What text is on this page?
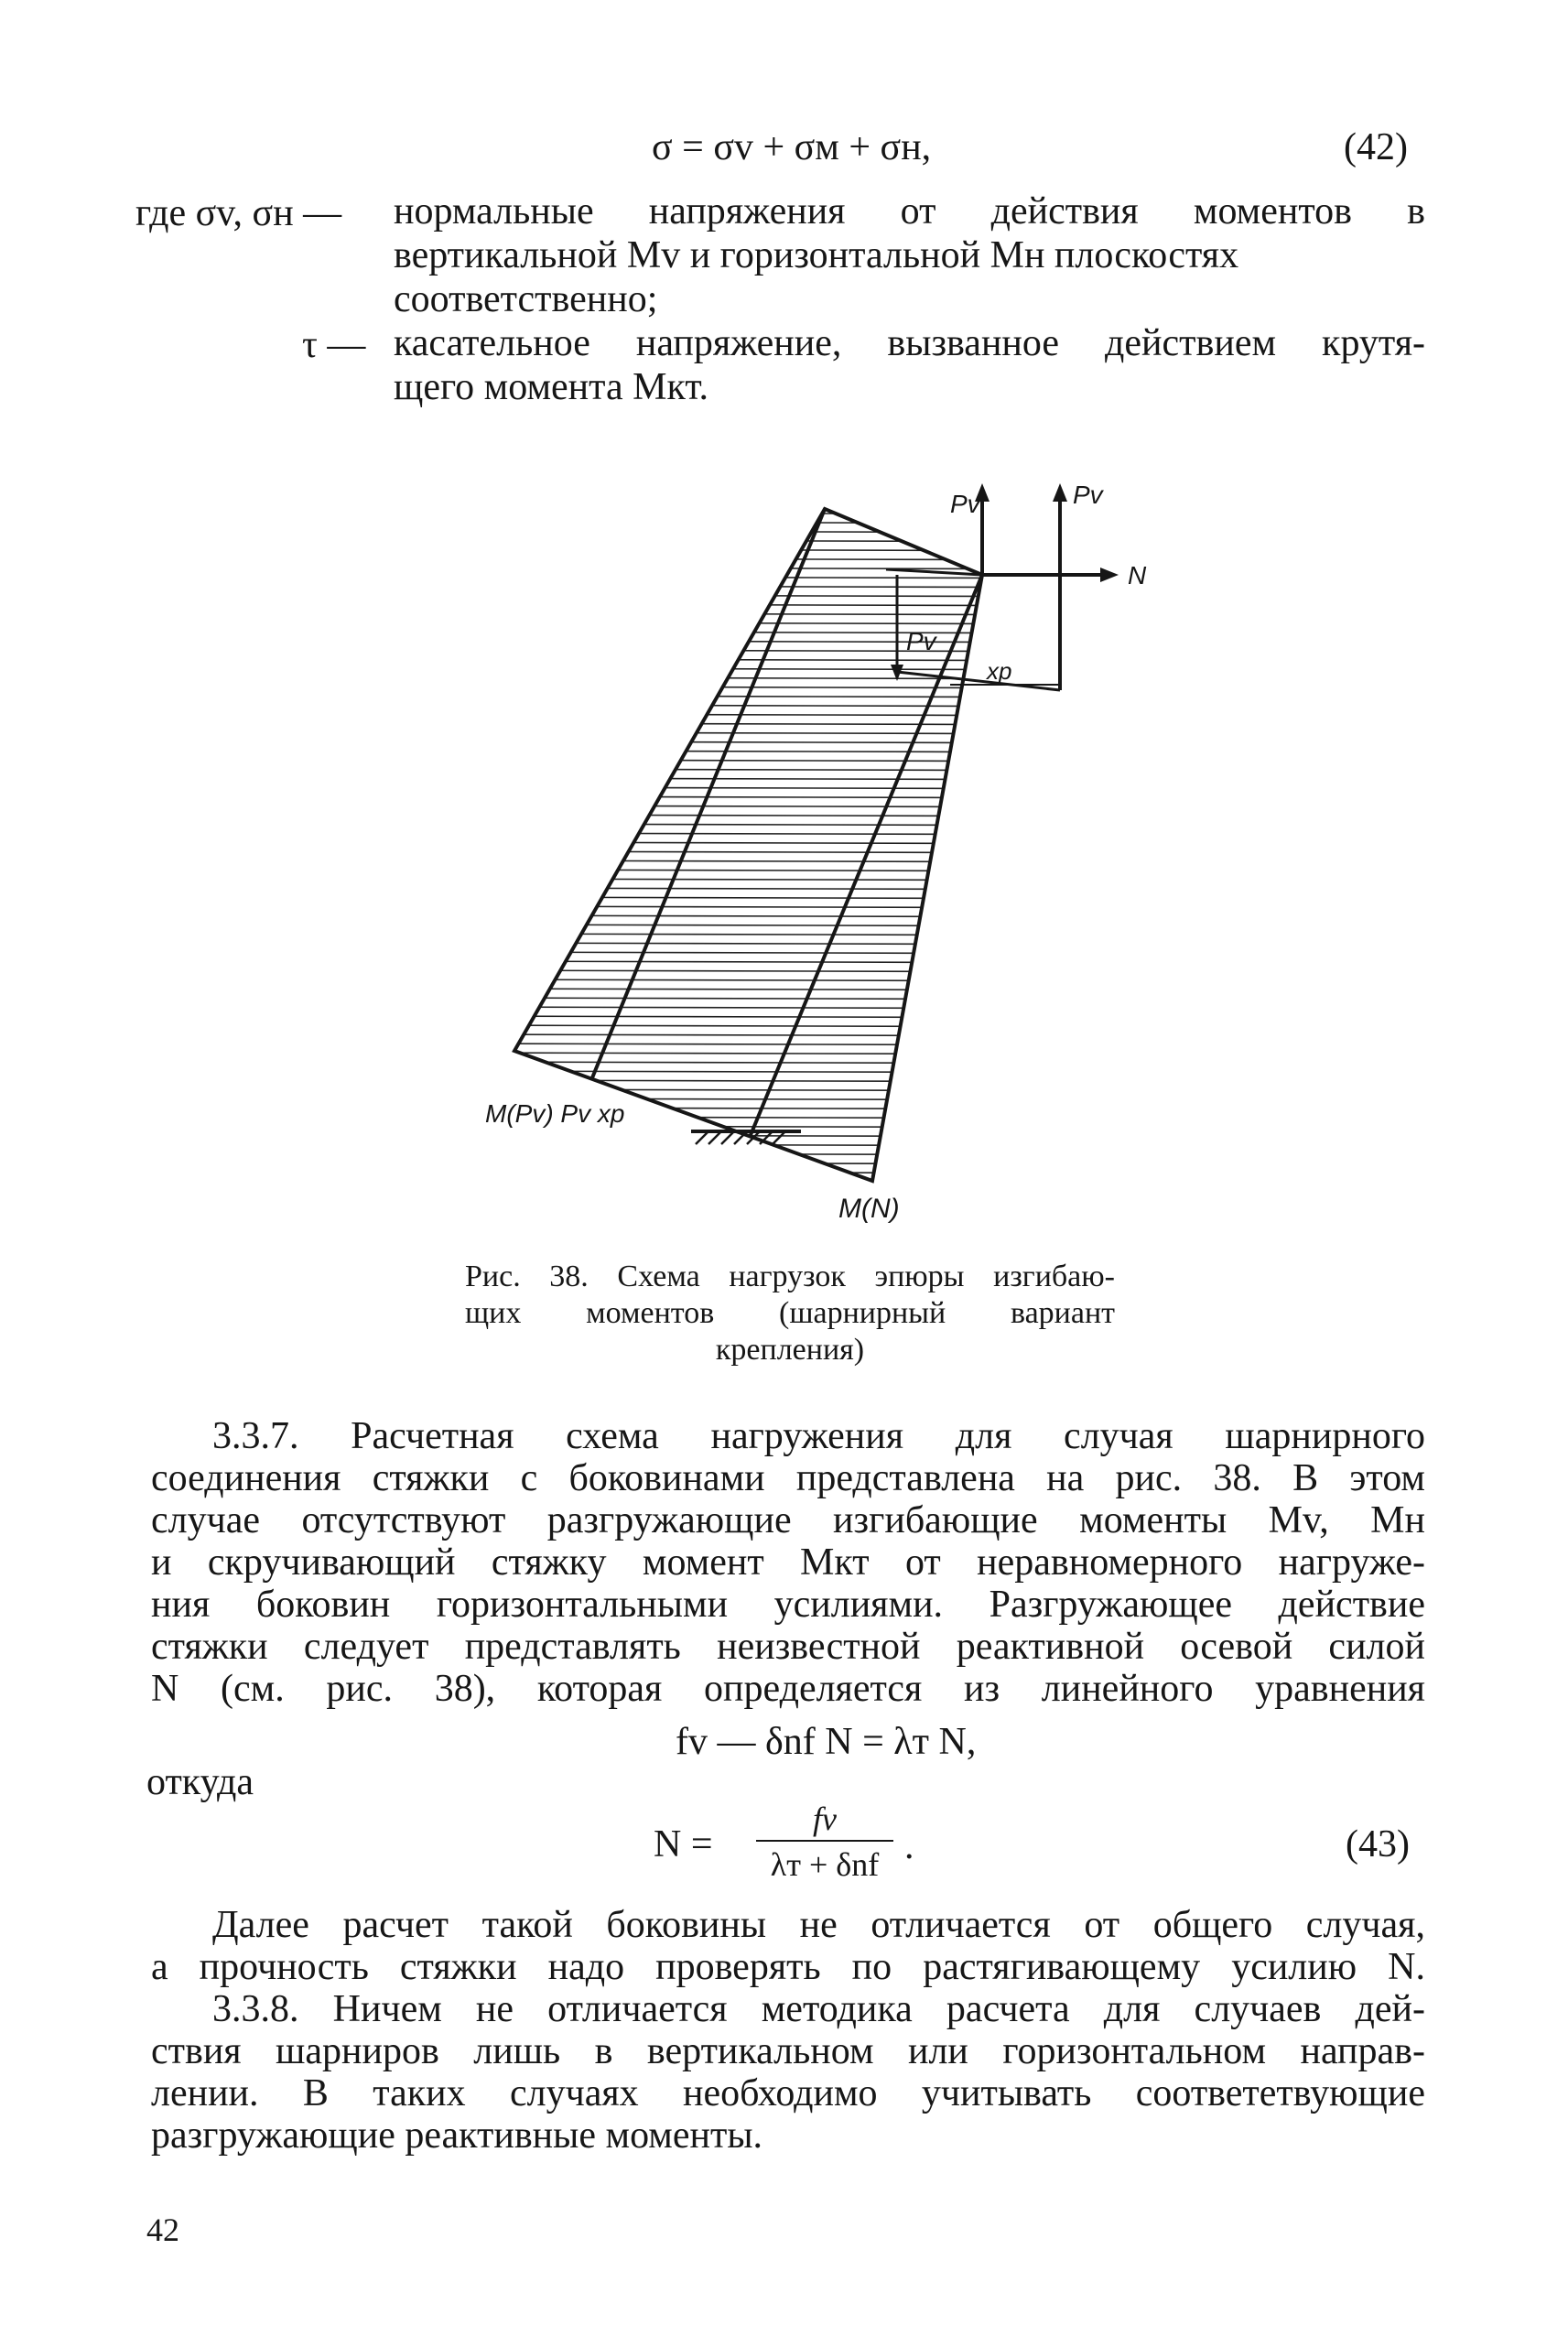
σ = σv + σм + σн,	(42)
где σv, σн — нормальные напряжения от действия моментов в
вертикальной Mv и горизонтальной Mн плоскостях
соответственно;
τ — касательное напряжение, вызванное действием крутя-
щего момента Mкт.
Pv	Pv
N
Pv
xp
M(Pv) Pv xp
M(N)
Рис. 38. Схема нагрузок эпюры изгибаю-
щих моментов (шарнирный вариант
крепления)
3.3.7. Расчетная схема нагружения для случая шарнирного
соединения стяжки с боковинами представлена на рис. 38. В этом
случае отсутствуют разгружающие изгибающие моменты Mv, Mн
и скручивающий стяжку момент Mкт от неравномерного нагруже-
ния боковин горизонтальными усилиями. Разгружающее действие
стяжки следует представлять неизвестной реактивной осевой силой
N (см. рис. 38), которая определяется из линейного уравнения
fv — δnf N = λт N,
откуда
N =
fv
λт + δnf .	(43)
Далее расчет такой боковины не отличается от общего случая,
а прочность стяжки надо проверять по растягивающему усилию N.
3.3.8. Ничем не отличается методика расчета для случаев дей-
ствия шарниров лишь в вертикальном или горизонтальном направ-
лении. В таких случаях необходимо учитывать соответетвующие
разгружающие реактивные моменты.
42
